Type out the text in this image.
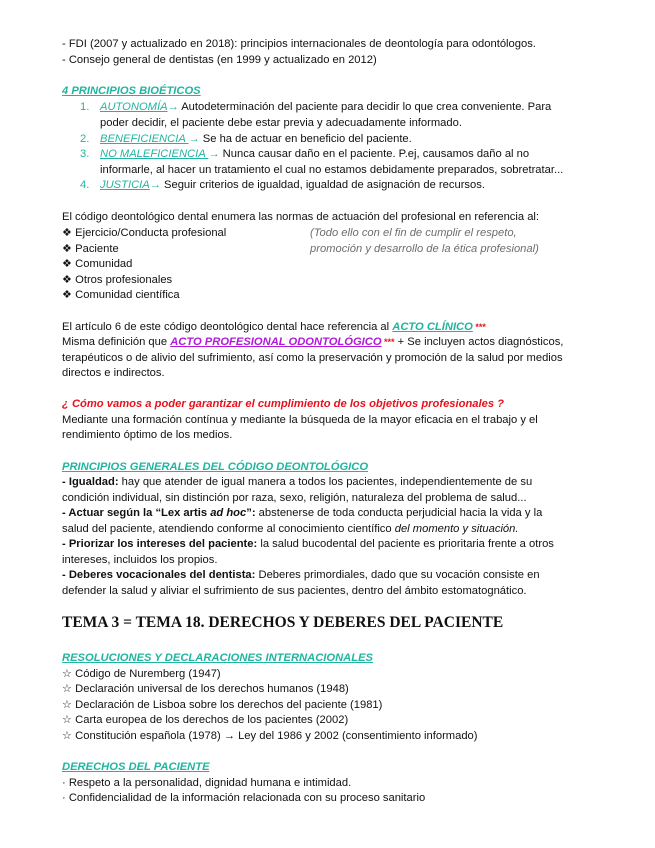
- FDI (2007 y actualizado en 2018): principios internacionales de deontología para odontólogos.
- Consejo general de dentistas (en 1999 y actualizado en 2012)
4 PRINCIPIOS BIOÉTICOS
1. AUTONOMÍA→ Autodeterminación del paciente para decidir lo que crea conveniente. Para
poder decidir, el paciente debe estar previa y adecuadamente informado.
2. BENEFICIENCIA → Se ha de actuar en beneficio del paciente.
3. NO MALEFICIENCIA → Nunca causar daño en el paciente. P.ej, causamos daño al no
informarle, al hacer un tratamiento el cual no estamos debidamente preparados, sobretratar...
4. JUSTICIA→ Seguir criterios de igualdad, igualdad de asignación de recursos.
El código deontológico dental enumera las normas de actuación del profesional en referencia al:
❖ Ejercicio/Conducta profesional
❖ Paciente
❖ Comunidad
❖ Otros profesionales
❖ Comunidad científica
(Todo ello con el fin de cumplir el respeto,
promoción y desarrollo de la ética profesional)
El artículo 6 de este código deontológico dental hace referencia al ACTO CLÍNICO ***
Misma definición que ACTO PROFESIONAL ODONTOLÓGICO *** + Se incluyen actos diagnósticos,
terapéuticos o de alivio del sufrimiento, así como la preservación y promoción de la salud por medios
directos e indirectos.
¿ Cómo vamos a poder garantizar el cumplimiento de los objetivos profesionales ?
Mediante una formación contínua y mediante la búsqueda de la mayor eficacia en el trabajo y el
rendimiento óptimo de los medios.
PRINCIPIOS GENERALES DEL CÓDIGO DEONTOLÓGICO
- Igualdad: hay que atender de igual manera a todos los pacientes, independientemente de su
condición individual, sin distinción por raza, sexo, religión, naturaleza del problema de salud...
- Actuar según la “Lex artis ad hoc”: abstenerse de toda conducta perjudicial hacia la vida y la
salud del paciente, atendiendo conforme al conocimiento científico del momento y situación.
- Priorizar los intereses del paciente: la salud bucodental del paciente es prioritaria frente a otros
intereses, incluidos los propios.
- Deberes vocacionales del dentista: Deberes primordiales, dado que su vocación consiste en
defender la salud y aliviar el sufrimiento de sus pacientes, dentro del ámbito estomatognático.
TEMA 3 = TEMA 18. DERECHOS Y DEBERES DEL PACIENTE
RESOLUCIONES Y DECLARACIONES INTERNACIONALES
☆ Código de Nuremberg (1947)
☆ Declaración universal de los derechos humanos (1948)
☆ Declaración de Lisboa sobre los derechos del paciente (1981)
☆ Carta europea de los derechos de los pacientes (2002)
☆ Constitución española (1978) → Ley del 1986 y 2002 (consentimiento informado)
DERECHOS DEL PACIENTE
· Respeto a la personalidad, dignidad humana e intimidad.
· Confidencialidad de la información relacionada con su proceso sanitario
